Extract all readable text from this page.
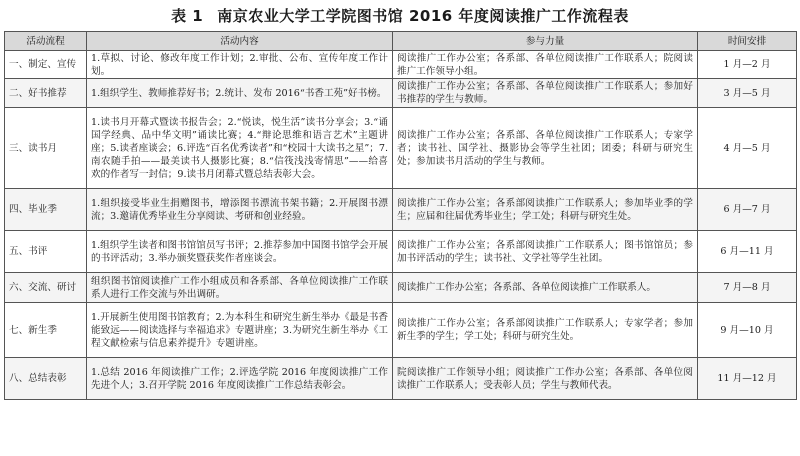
表 1 南京农业大学工学院图书馆 2016 年度阅读推广工作流程表
活动流程	活动内容	参与力量	时间安排
一、制定、宣传	1.草拟、讨论、修改年度工作计划；2.审批、公布、宣传年度工作计划。	阅读推广工作办公室；各系部、各单位阅读推广工作联系人；院阅读推广工作领导小组。	1 月—2 月
二、好书推荐	1.组织学生、教师推荐好书；2.统计、发布 2016“书香工苑”好书榜。	阅读推广工作办公室；各系部、各单位阅读推广工作联系人；参加好书推荐的学生与教师。	3 月—5 月
三、读书月	1.读书月开幕式暨读书报告会；2.“悦读，悦生活”读书分享会；3.“诵国学经典、品中华文明”诵读比赛；4.“辩论思维和语言艺术”主题讲座；5.读者座谈会；6.评选“百名优秀读者”和“校园十大读书之星”；7.南农随手拍——最美读书人摄影比赛；8.“信筏浅浅寄情思”——给喜欢的作者写一封信；9.读书月闭幕式暨总结表彰大会。	阅读推广工作办公室；各系部、各单位阅读推广工作联系人；专家学者；读书社、国学社、摄影协会等学生社团；团委；科研与研究生处；参加读书月活动的学生与教师。	4 月—5 月
四、毕业季	1.组织接受毕业生捐赠图书，增添图书漂流书架书籍；2.开展图书漂流；3.邀请优秀毕业生分享阅读、考研和创业经验。	阅读推广工作办公室；各系部阅读推广工作联系人；参加毕业季的学生；应届和往届优秀毕业生；学工处；科研与研究生处。	6 月—7 月
五、书评	1.组织学生读者和图书馆馆员写书评；2.推荐参加中国图书馆学会开展的书评活动；3.举办颁奖暨获奖作者座谈会。	阅读推广工作办公室；各系部阅读推广工作联系人；图书馆馆员；参加书评活动的学生；读书社、文学社等学生社团。	6 月—11 月
六、交流、研讨	组织图书馆阅读推广工作小组成员和各系部、各单位阅读推广工作联系人进行工作交流与外出调研。	阅读推广工作办公室；各系部、各单位阅读推广工作联系人。	7 月—8 月
七、新生季	1.开展新生使用图书馆教育；2.为本科生和研究生新生举办《最是书香能致远——阅读选择与幸福追求》专题讲座；3.为研究生新生举办《工程文献检索与信息素养提升》专题讲座。	阅读推广工作办公室；各系部阅读推广工作联系人；专家学者；参加新生季的学生；学工处；科研与研究生处。	9 月—10 月
八、总结表彰	1.总结 2016 年阅读推广工作；2.评选学院 2016 年度阅读推广工作先进个人；3.召开学院 2016 年度阅读推广工作总结表彰会。	院阅读推广工作领导小组；阅读推广工作办公室；各系部、各单位阅读推广工作联系人；受表彰人员；学生与教师代表。	11 月—12 月
